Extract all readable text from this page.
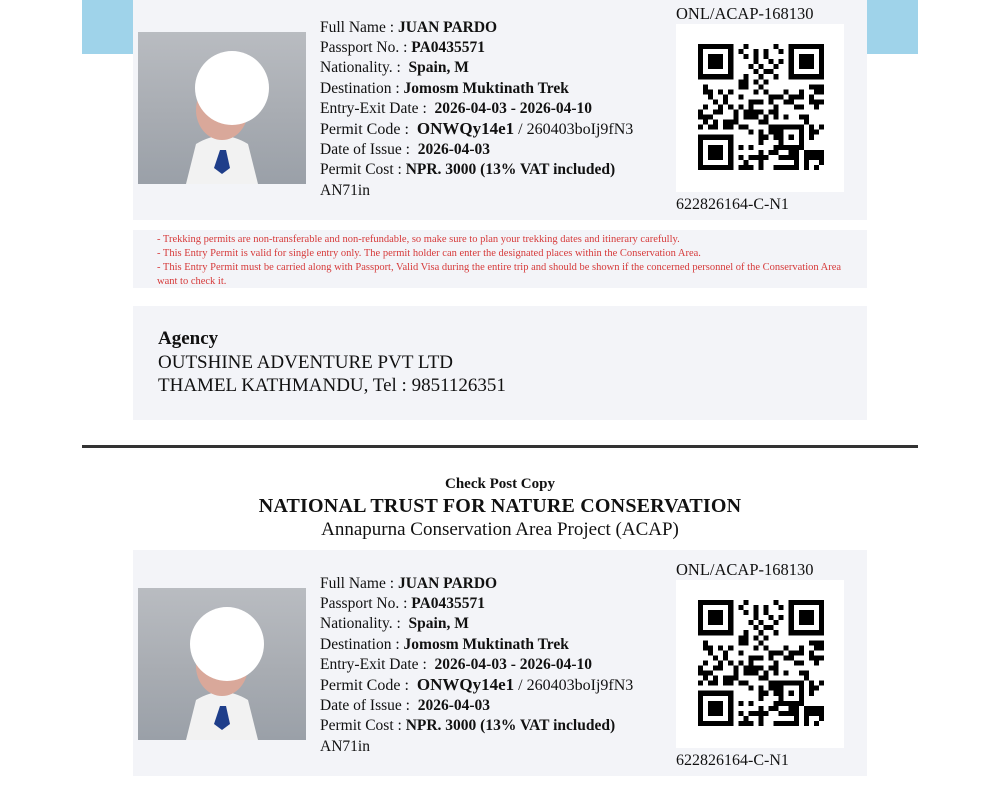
Full Name : JUAN PARDO
Passport No. : PA0435571
Nationality. : Spain, M
Destination : Jomosm Muktinath Trek
Entry-Exit Date : 2026-04-03 - 2026-04-10
Permit Code : ONWQy14e1 / 260403boIj9fN3
Date of Issue : 2026-04-03
Permit Cost : NPR. 3000 (13% VAT included)
AN71in
ONL/ACAP-168130
622826164-C-N1
- Trekking permits are non-transferable and non-refundable, so make sure to plan your trekking dates and itinerary carefully.
- This Entry Permit is valid for single entry only. The permit holder can enter the designated places within the Conservation Area.
- This Entry Permit must be carried along with Passport, Valid Visa during the entire trip and should be shown if the concerned personnel of the Conservation Area want to check it.
Agency
OUTSHINE ADVENTURE PVT LTD
THAMEL KATHMANDU, Tel : 9851126351
Check Post Copy
NATIONAL TRUST FOR NATURE CONSERVATION
Annapurna Conservation Area Project (ACAP)
Full Name : JUAN PARDO
Passport No. : PA0435571
Nationality. : Spain, M
Destination : Jomosm Muktinath Trek
Entry-Exit Date : 2026-04-03 - 2026-04-10
Permit Code : ONWQy14e1 / 260403boIj9fN3
Date of Issue : 2026-04-03
Permit Cost : NPR. 3000 (13% VAT included)
AN71in
ONL/ACAP-168130
622826164-C-N1
